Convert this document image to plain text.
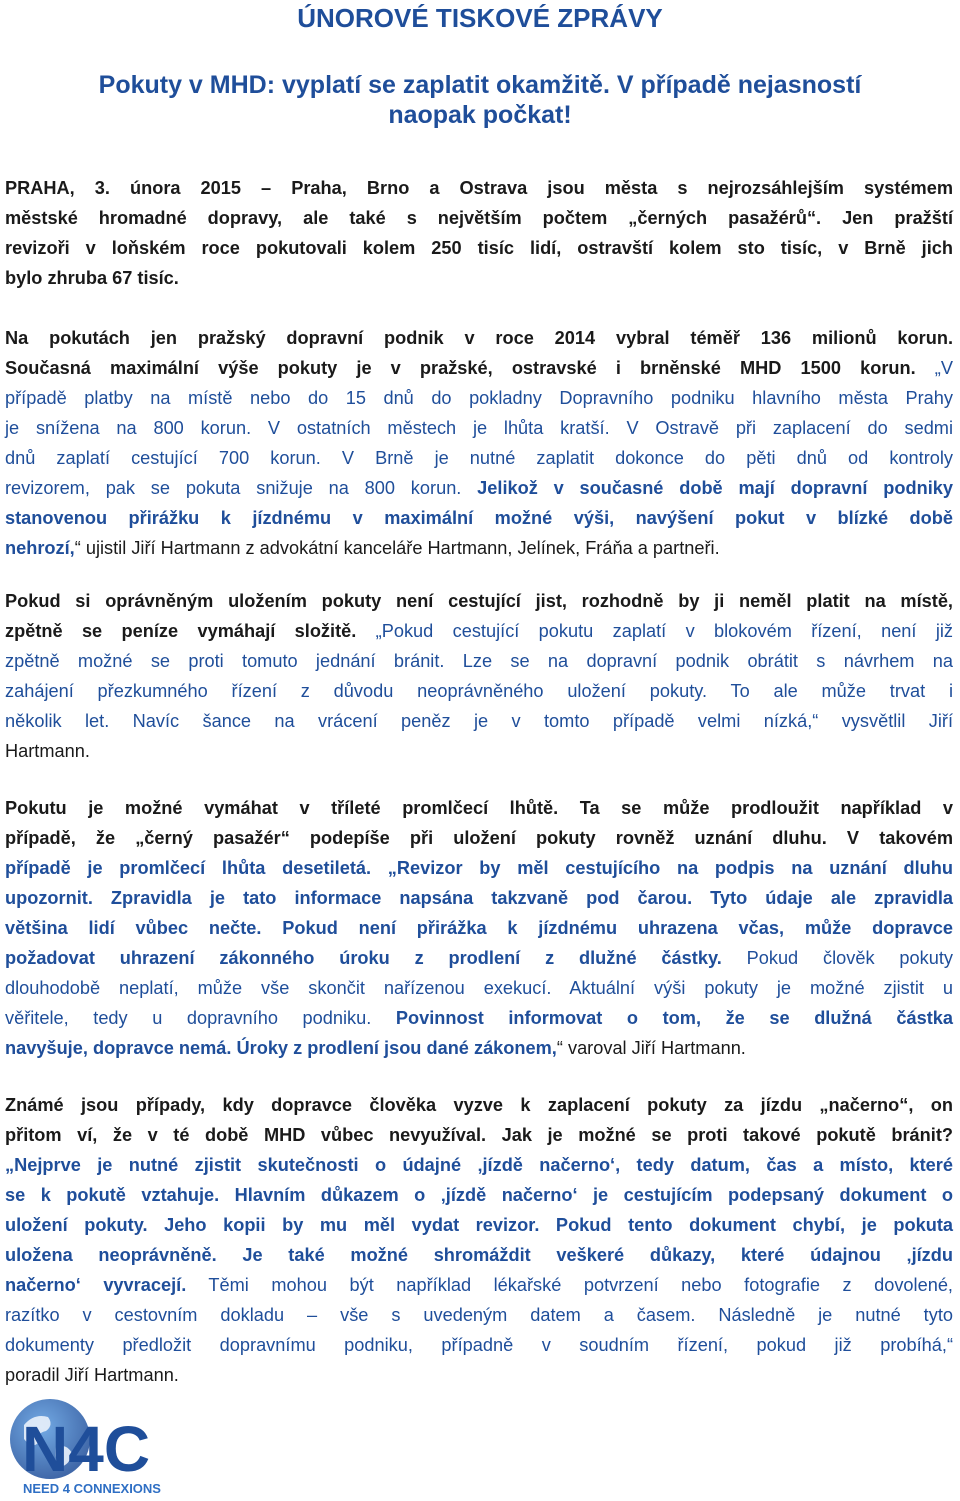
ÚNOROVÉ TISKOVÉ ZPRÁVY
Pokuty v MHD: vyplatí se zaplatit okamžitě. V případě nejasností
naopak počkat!
PRAHA, 3. února 2015 – Praha, Brno a Ostrava jsou města s nejrozsáhlejším systémem
městské hromadné dopravy, ale také s největším počtem „černých pasažérů“. Jen pražští
revizoři v loňském roce pokutovali kolem 250 tisíc lidí, ostravští kolem sto tisíc, v Brně jich
bylo zhruba 67 tisíc.
Na pokutách jen pražský dopravní podnik v roce 2014 vybral téměř 136 milionů korun.
Současná maximální výše pokuty je v pražské, ostravské i brněnské MHD 1500 korun. „V
případě platby na místě nebo do 15 dnů do pokladny Dopravního podniku hlavního města Prahy
je snížena na 800 korun. V ostatních městech je lhůta kratší. V Ostravě při zaplacení do sedmi
dnů zaplatí cestující 700 korun. V Brně je nutné zaplatit dokonce do pěti dnů od kontroly
revizorem, pak se pokuta snižuje na 800 korun. Jelikož v současné době mají dopravní podniky
stanovenou přirážku k jízdnému v maximální možné výši, navýšení pokut v blízké době
nehrozí,“ ujistil Jiří Hartmann z advokátní kanceláře Hartmann, Jelínek, Fráňa a partneři.
Pokud si oprávněným uložením pokuty není cestující jist, rozhodně by ji neměl platit na místě,
zpětně se peníze vymáhají složitě. „Pokud cestující pokutu zaplatí v blokovém řízení, není již
zpětně možné se proti tomuto jednání bránit. Lze se na dopravní podnik obrátit s návrhem na
zahájení přezkumného řízení z důvodu neoprávněného uložení pokuty. To ale může trvat i
několik let. Navíc šance na vrácení peněz je v tomto případě velmi nízká,“ vysvětlil Jiří
Hartmann.
Pokutu je možné vymáhat v tříleté promlčecí lhůtě. Ta se může prodloužit například v
případě, že „černý pasažér“ podepíše při uložení pokuty rovněž uznání dluhu. V takovém
případě je promlčecí lhůta desetiletá. „Revizor by měl cestujícího na podpis na uznání dluhu
upozornit. Zpravidla je tato informace napsána takzvaně pod čarou. Tyto údaje ale zpravidla
většina lidí vůbec nečte. Pokud není přirážka k jízdnému uhrazena včas, může dopravce
požadovat uhrazení zákonného úroku z prodlení z dlužné částky. Pokud člověk pokuty
dlouhodobě neplatí, může vše skončit nařízenou exekucí. Aktuální výši pokuty je možné zjistit u
věřitele, tedy u dopravního podniku. Povinnost informovat o tom, že se dlužná částka
navyšuje, dopravce nemá. Úroky z prodlení jsou dané zákonem,“ varoval Jiří Hartmann.
Známé jsou případy, kdy dopravce člověka vyzve k zaplacení pokuty za jízdu „načerno“, on
přitom ví, že v té době MHD vůbec nevyužíval. Jak je možné se proti takové pokutě bránit?
„Nejprve je nutné zjistit skutečnosti o údajné ‚jízdě načerno‘, tedy datum, čas a místo, které
se k pokutě vztahuje. Hlavním důkazem o ‚jízdě načerno‘ je cestujícím podepsaný dokument o
uložení pokuty. Jeho kopii by mu měl vydat revizor. Pokud tento dokument chybí, je pokuta
uložena neoprávněně. Je také možné shromáždit veškeré důkazy, které údajnou ‚jízdu
načerno‘ vyvracejí. Těmi mohou být například lékařské potvrzení nebo fotografie z dovolené,
razítko v cestovním dokladu – vše s uvedeným datem a časem. Následně je nutné tyto
dokumenty předložit dopravnímu podniku, případně v soudním řízení, pokud již probíhá,“
poradil Jiří Hartmann.
N4C
NEED 4 CONNEXIONS
